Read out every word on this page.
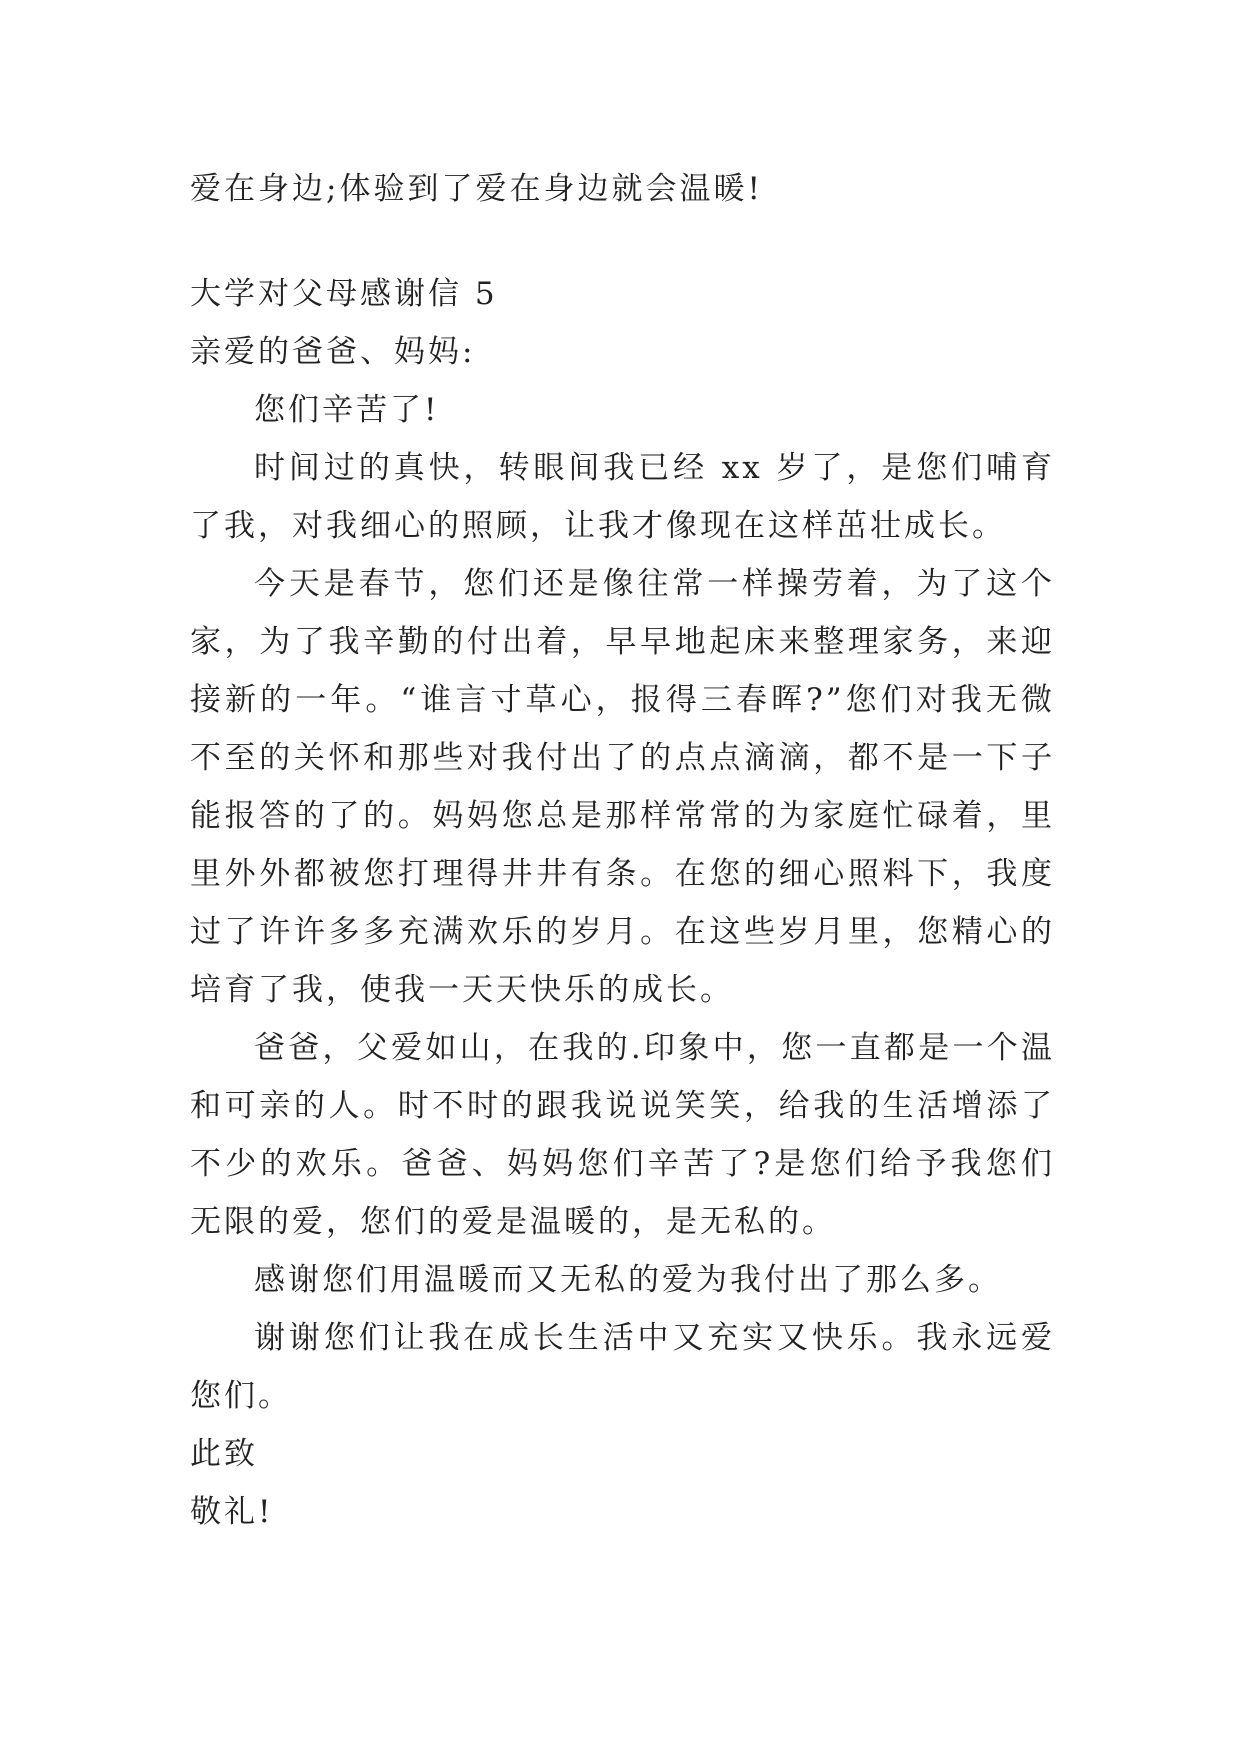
爱在身边;体验到了爱在身边就会温暖!

大学对父母感谢信 5

亲爱的爸爸、妈妈:

您们辛苦了!

时间过的真快，转眼间我已经 xx 岁了，是您们哺育了我，对我细心的照顾，让我才像现在这样茁壮成长。

今天是春节，您们还是像往常一样操劳着，为了这个家，为了我辛勤的付出着，早早地起床来整理家务，来迎接新的一年。“谁言寸草心，报得三春晖?”您们对我无微不至的关怀和那些对我付出了的点点滴滴，都不是一下子能报答的了的。妈妈您总是那样常常的为家庭忙碌着，里里外外都被您打理得井井有条。在您的细心照料下，我度过了许许多多充满欢乐的岁月。在这些岁月里，您精心的培育了我，使我一天天快乐的成长。

爸爸，父爱如山，在我的.印象中，您一直都是一个温和可亲的人。时不时的跟我说说笑笑，给我的生活增添了不少的欢乐。爸爸、妈妈您们辛苦了?是您们给予我您们无限的爱，您们的爱是温暖的，是无私的。

感谢您们用温暖而又无私的爱为我付出了那么多。

谢谢您们让我在成长生活中又充实又快乐。我永远爱您们。

此致

敬礼!
